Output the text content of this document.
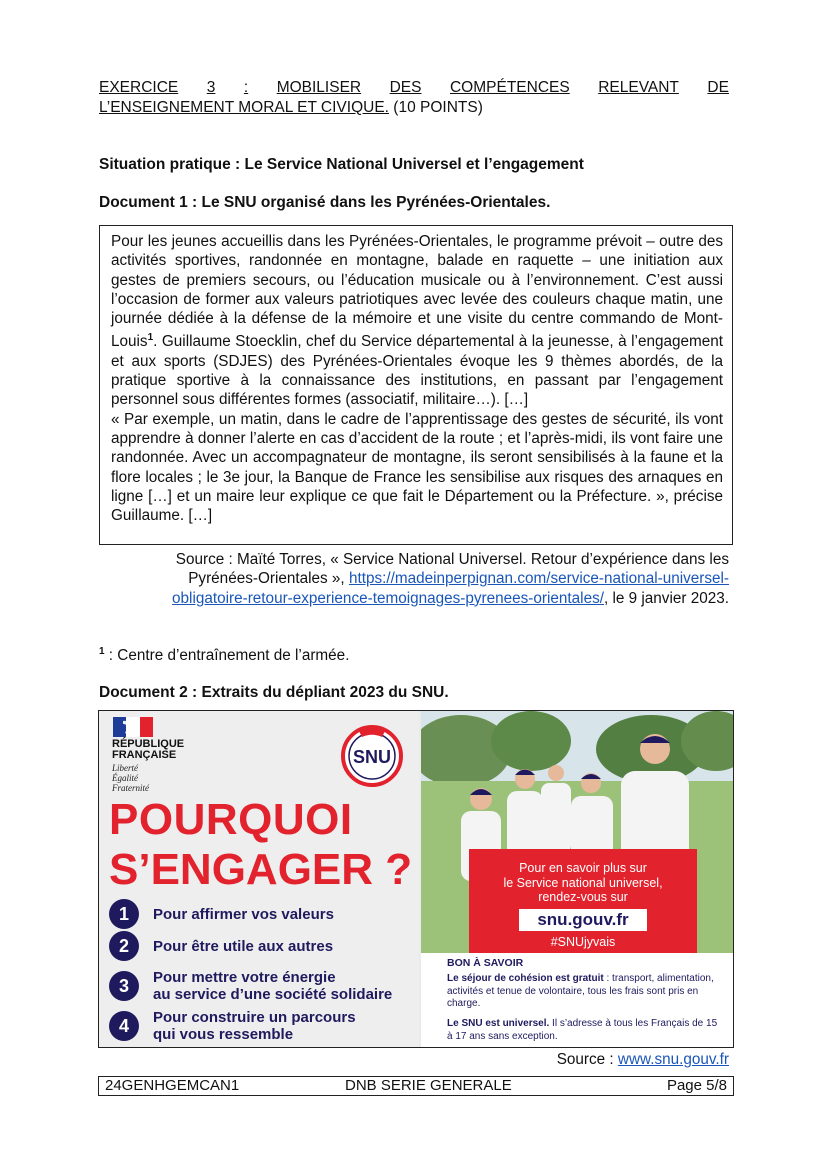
EXERCICE 3 : MOBILISER DES COMPÉTENCES RELEVANT DE
L’ENSEIGNEMENT MORAL ET CIVIQUE. (10 POINTS)
Situation pratique : Le Service National Universel et l’engagement
Document 1 : Le SNU organisé dans les Pyrénées-Orientales.

Pour les jeunes accueillis dans les Pyrénées-Orientales, le programme prévoit – outre des activités sportives, randonnée en montagne, balade en raquette – une initiation aux gestes de premiers secours, ou l’éducation musicale ou à l’environnement. C’est aussi l’occasion de former aux valeurs patriotiques avec levée des couleurs chaque matin, une journée dédiée à la défense de la mémoire et une visite du centre commando de Mont-Louis$^1$. Guillaume Stoecklin, chef du Service départemental à la jeunesse, à l’engagement et aux sports (SDJES) des Pyrénées-Orientales évoque les 9 thèmes abordés, de la pratique sportive à la connaissance des institutions, en passant par l’engagement personnel sous différentes formes (associatif, militaire…). […]

« Par exemple, un matin, dans le cadre de l’apprentissage des gestes de sécurité, ils vont apprendre à donner l’alerte en cas d’accident de la route ; et l’après-midi, ils vont faire une randonnée. Avec un accompagnateur de montagne, ils seront sensibilisés à la faune et la flore locales ; le 3e jour, la Banque de France les sensibilise aux risques des arnaques en ligne […] et un maire leur explique ce que fait le Département ou la Préfecture. », précise Guillaume. […]

Source : Maïté Torres, « Service National Universel. Retour d’expérience dans les Pyrénées-Orientales », https://madeinperpignan.com/service-national-universel-obligatoire-retour-experience-temoignages-pyrenees-orientales/, le 9 janvier 2023.
$^1$ : Centre d’entraînement de l’armée.
Document 2 : Extraits du dépliant 2023 du SNU.
RÉPUBLIQUE
FRANÇAISE
Liberté
Égalité
Fraternité
SNU
POURQUOI
S’ENGAGER ?
1	Pour affirmer vos valeurs
2	Pour être utile aux autres
3	Pour mettre votre énergie
au service d’une société solidaire
4	Pour construire un parcours
qui vous ressemble
Pour en savoir plus sur
le Service national universel,
rendez-vous sur
snu.gouv.fr
#SNUjyvais
BON À SAVOIR
Le séjour de cohésion est gratuit : transport, alimentation, activités et tenue de volontaire, tous les frais sont pris en charge.
Le SNU est universel. Il s’adresse à tous les Français de 15 à 17 ans sans exception.
Source : www.snu.gouv.fr
24GENHGEMCAN1	DNB SERIE GENERALE	Page 5/8
